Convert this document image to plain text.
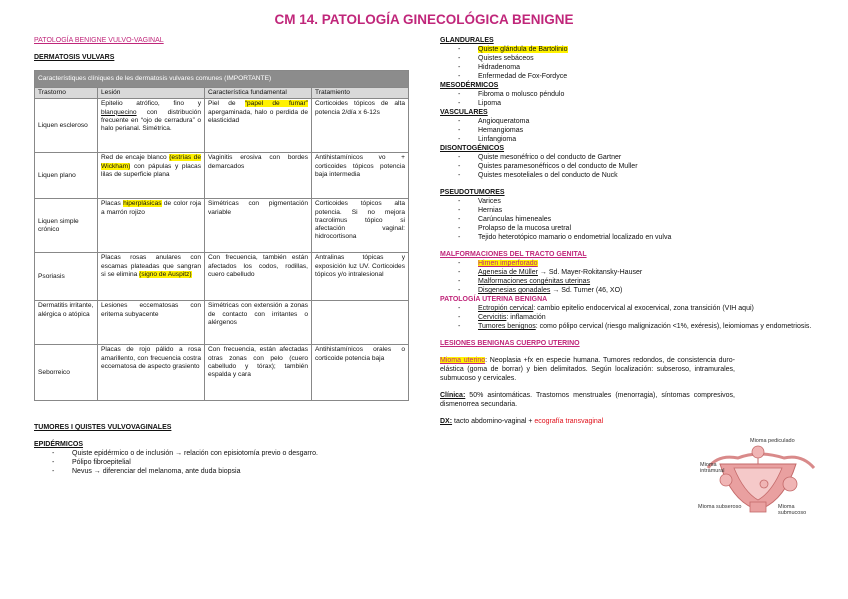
CM 14. PATOLOGÍA GINECOLÓGICA BENIGNE
PATOLOGÍA BENIGNE VULVO-VAGINAL
DERMATOSIS VULVARS
Característiques clíniques de les dermatosis vulvares comunes (IMPORTANTE)			
Trastorno	Lesión	Característica fundamental	Tratamiento
Liquen escleroso	Epitelio atrófico, fino y blanquecino con distribución frecuente en “ojo de cerradura” o halo perianal. Simétrica.	Piel de “papel de fumar” apergaminada, halo o perdida de elasticidad	Corticoides tópicos de alta potencia 2/día x 6-12s
Liquen plano	Red de encaje blanco (estrías de Wickham) con pápulas y placas lilas de superficie plana	Vaginitis erosiva con bordes demarcados	Antihistamínicos vo + corticoides tópicos potencia baja intermedia
Liquen simple crónico	Placas hiperplásicas de color roja a marrón rojizo	Simétricas con pigmentación variable	Corticoides tópicos alta potencia. Si no mejora tracrolimus tópico si afectación vaginal: hidrocortisona
Psoriasis	Placas rosas anulares con escamas plateadas que sangran si se elimina (signo de Auspitz)	Con frecuencia, también están afectados los codos, rodillas, cuero cabelludo	Antralinas tópicas y exposición luz UV. Corticoides tópicos y/o intralesional
Dermatitis irritante, alérgica o atópica	Lesiones eccematosas con eritema subyacente	Simétricas con extensión a zonas de contacto con irritantes o alérgenos	
Seborreico	Placas de rojo pálido a rosa amarillento, con frecuencia costra eccematosa de aspecto grasiento	Con frecuencia, están afectadas otras zonas con pelo (cuero cabelludo y tórax); también espalda y cara	Antihistamínicos orales o corticoide potencia baja
TUMORES I QUISTES VULVOVAGINALES
EPIDÉRMICOS
- Quiste epidérmico o de inclusión → relación con episiotomía previo o desgarro.
- Pólipo fibroepitelial
- Nevus → diferenciar del melanoma, ante duda biopsia
GLANDURALES
- Quiste glándula de Bartolinio
- Quistes sebáceos
- Hidradenoma
- Enfermedad de Fox-Fordyce
MESODÉRMICOS
- Fibroma o molusco péndulo
- Lipoma
VASCULARES
- Angioqueratoma
- Hemangiomas
- Linfangioma
DISONTOGÉNICOS
- Quiste mesonéfrico o del conducto de Gartner
- Quistes paramesonéfricos o del conducto de Muller
- Quistes mesoteliales o del conducto de Nuck
PSEUDOTUMORES
- Varices
- Hernias
- Carúnculas himeneales
- Prolapso de la mucosa uretral
- Tejido heterotópico mamario o endometrial localizado en vulva
MALFORMACIONES DEL TRACTO GENITAL
- Himen imperforado
- Agenesia de Müller → Sd. Mayer-Rokitansky-Hauser
- Malformaciones congénitas uterinas
- Disgenesias gonadales → Sd. Turner (46, XO)
PATOLOGÍA UTERINA BENIGNA
- Ectropión cervical: cambio epitelio endocervical al exocervical, zona transición (VIH aqui)
- Cervicitis: inflamación
- Tumores benignos: como pólipo cervical (riesgo malignización <1%, exéresis), leiomiomas y endometriosis.
LESIONES BENIGNAS CUERPO UTERINO
Mioma uterino: Neoplasia +fx en especie humana. Tumores redondos, de consistencia duro-elástica (goma de borrar) y bien delimitados. Según localización: subseroso, intramurales, submucoso y cervicales.
Clínica: 50% asintomáticas. Trastornos menstruales (menorragia), síntomas compresivos, dismenorrea secundaria.
DX: tacto abdomino-vaginal + ecografía transvaginal
Mioma pediculado
Mioma intramural
Mioma subseroso	Mioma submucoso
